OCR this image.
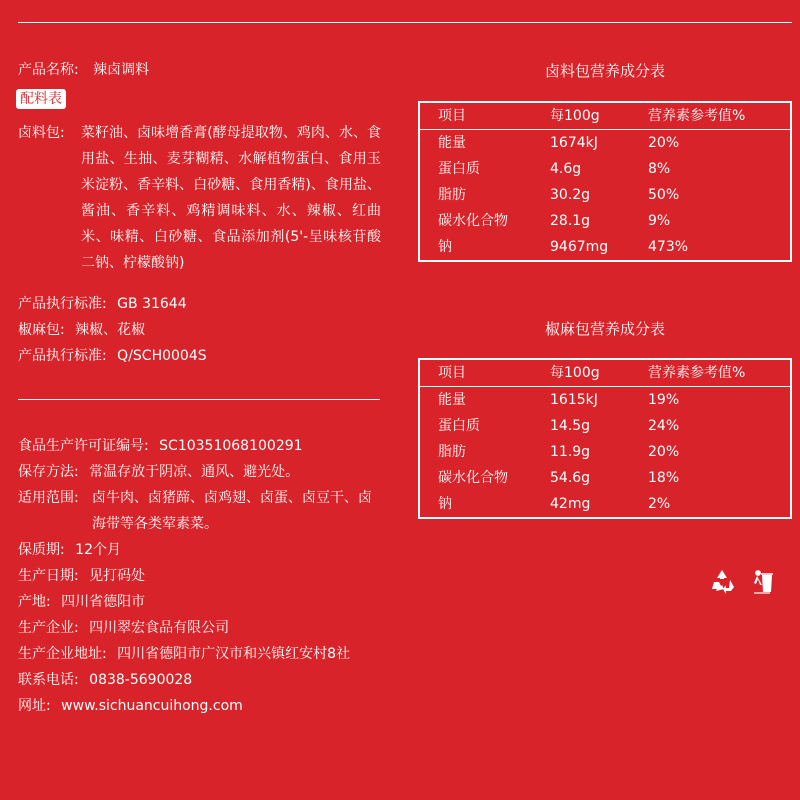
产品名称: 辣卤调料
配料表
卤料包: 菜籽油、卤味增香膏(酵母提取物、鸡肉、水、食用盐、生抽、麦芽糊精、水解植物蛋白、食用玉米淀粉、香辛料、白砂糖、食用香精)、食用盐、酱油、香辛料、鸡精调味料、水、辣椒、红曲米、味精、白砂糖、食品添加剂(5'-呈味核苷酸二钠、柠檬酸钠)
产品执行标准: GB 31644
椒麻包: 辣椒、花椒
产品执行标准: Q/SCH0004S
食品生产许可证编号: SC10351068100291
保存方法: 常温存放于阴凉、通风、避光处。
适用范围: 卤牛肉、卤猪蹄、卤鸡翅、卤蛋、卤豆干、卤海带等各类荤素菜。
保质期: 12个月
生产日期: 见打码处
产地: 四川省德阳市
生产企业: 四川翠宏食品有限公司
生产企业地址: 四川省德阳市广汉市和兴镇红安村8社
联系电话: 0838-5690028
网址: www.sichuancuihong.com
卤料包营养成分表
项目	每100g	营养素参考值%
能量	1674kJ	20%
蛋白质	4.6g	8%
脂肪	30.2g	50%
碳水化合物	28.1g	9%
钠	9467mg	473%
椒麻包营养成分表
项目	每100g	营养素参考值%
能量	1615kJ	19%
蛋白质	14.5g	24%
脂肪	11.9g	20%
碳水化合物	54.6g	18%
钠	42mg	2%
